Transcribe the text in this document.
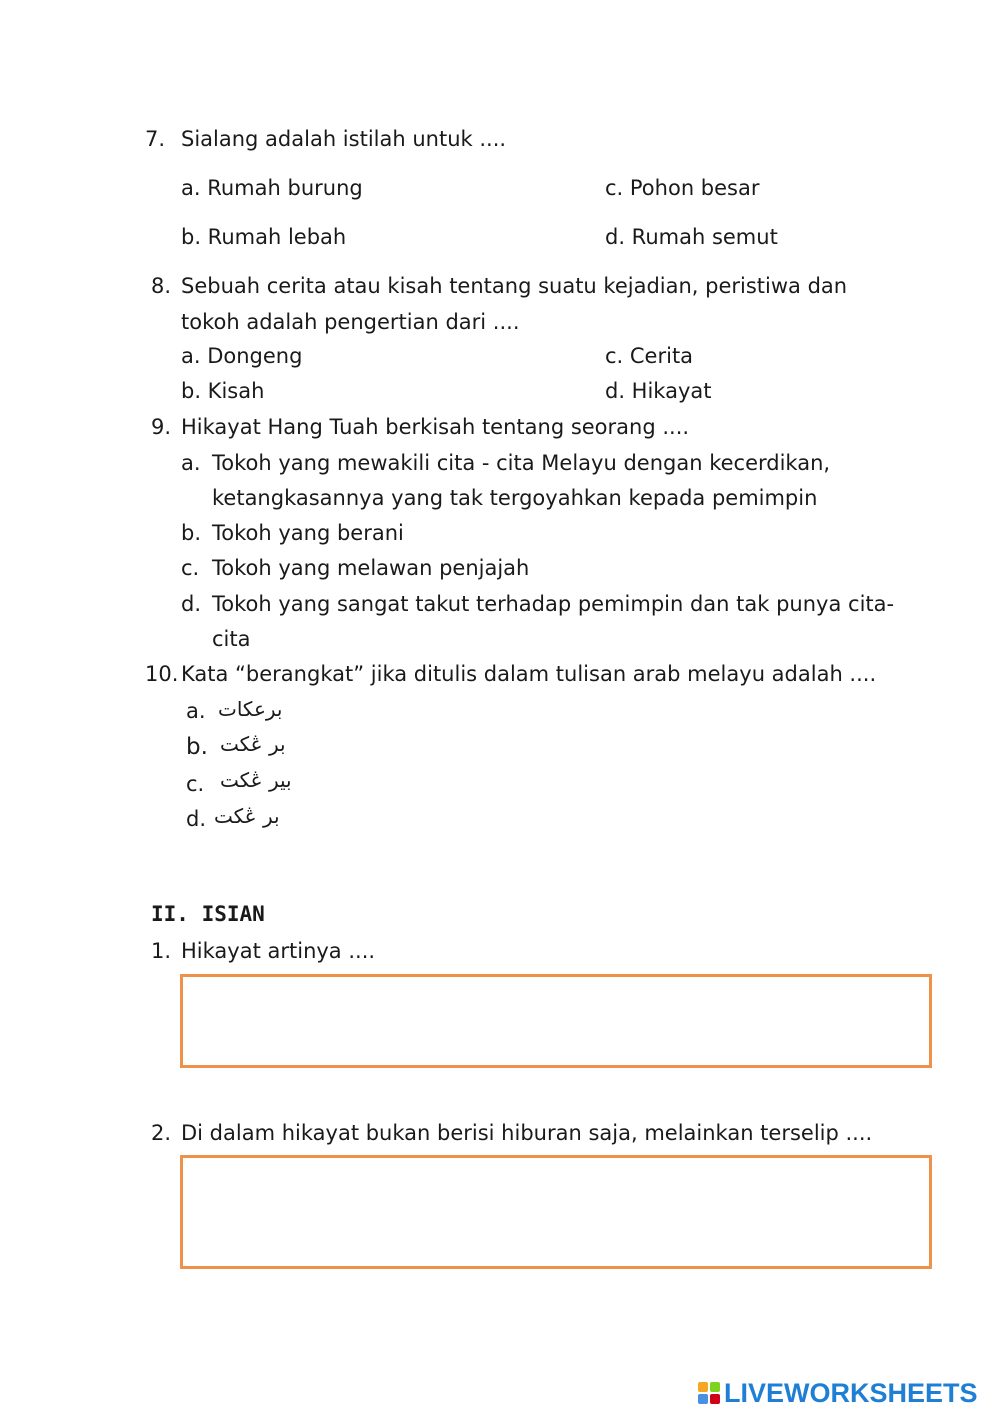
7. Sialang adalah istilah untuk ....
a. Rumah burung	c. Pohon besar
b. Rumah lebah	d. Rumah semut
8. Sebuah cerita atau kisah tentang suatu kejadian, peristiwa dan
tokoh adalah pengertian dari ....
a. Dongeng	c. Cerita
b. Kisah	d. Hikayat
9. Hikayat Hang Tuah berkisah tentang seorang ....
a. Tokoh yang mewakili cita - cita Melayu dengan kecerdikan,
ketangkasannya yang tak tergoyahkan kepada pemimpin
b. Tokoh yang berani
c. Tokoh yang melawan penjajah
d. Tokoh yang sangat takut terhadap pemimpin dan tak punya cita-
cita
10. Kata “berangkat” jika ditulis dalam tulisan arab melayu adalah ....
a. برعكات
b. بر ڠكت
c. بير ڠكت
d. ب‍ر ڠكت
II. ISIAN
1. Hikayat artinya ....
2. Di dalam hikayat bukan berisi hiburan saja, melainkan terselip ....
LIVEWORKSHEETS
